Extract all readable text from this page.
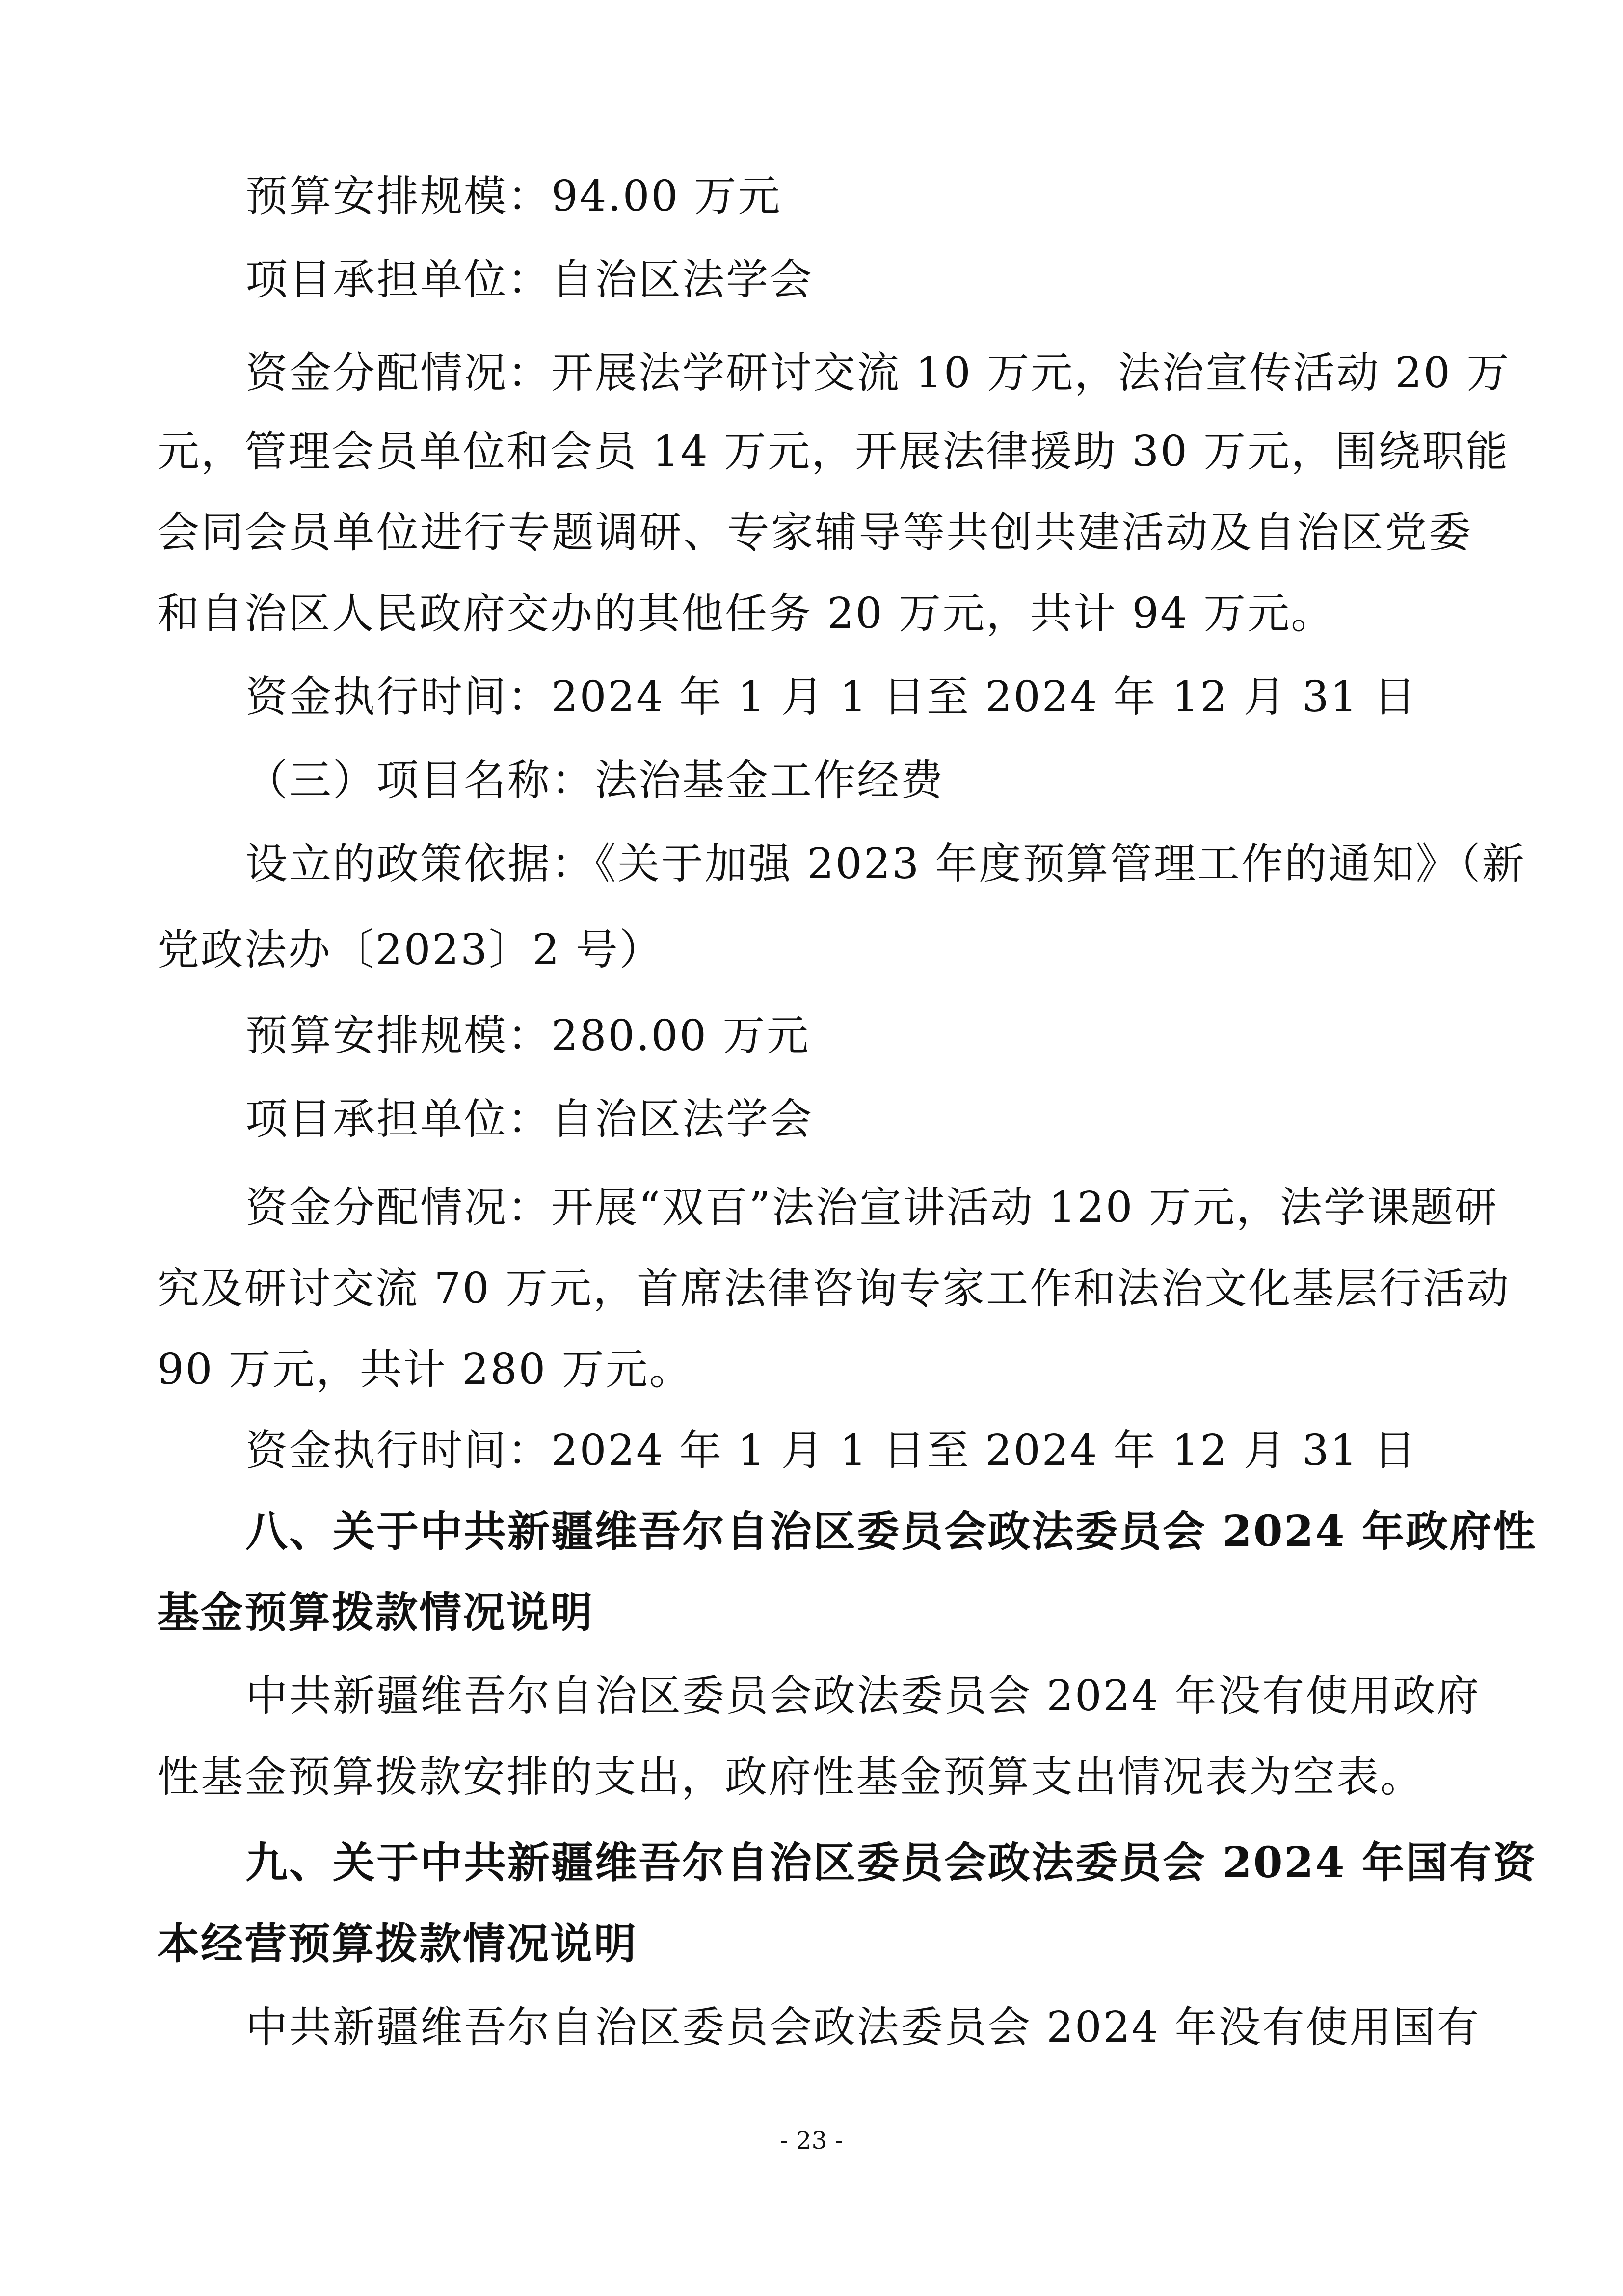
预算安排规模：94.00 万元
项目承担单位：自治区法学会
资金分配情况：开展法学研讨交流 10 万元，法治宣传活动 20 万
元，管理会员单位和会员 14 万元，开展法律援助 30 万元，围绕职能
会同会员单位进行专题调研、专家辅导等共创共建活动及自治区党委
和自治区人民政府交办的其他任务 20 万元，共计 94 万元。
资金执行时间：2024 年 1 月 1 日至 2024 年 12 月 31 日
（三）项目名称：法治基金工作经费
设立的政策依据：《关于加强 2023 年度预算管理工作的通知》（新
党政法办〔2023〕2 号）
预算安排规模：280.00 万元
项目承担单位：自治区法学会
资金分配情况：开展“双百”法治宣讲活动 120 万元，法学课题研
究及研讨交流 70 万元，首席法律咨询专家工作和法治文化基层行活动
90 万元，共计 280 万元。
资金执行时间：2024 年 1 月 1 日至 2024 年 12 月 31 日
八、关于中共新疆维吾尔自治区委员会政法委员会 2024 年政府性
基金预算拨款情况说明
中共新疆维吾尔自治区委员会政法委员会 2024 年没有使用政府
性基金预算拨款安排的支出，政府性基金预算支出情况表为空表。
九、关于中共新疆维吾尔自治区委员会政法委员会 2024 年国有资
本经营预算拨款情况说明
中共新疆维吾尔自治区委员会政法委员会 2024 年没有使用国有
- 23 -
